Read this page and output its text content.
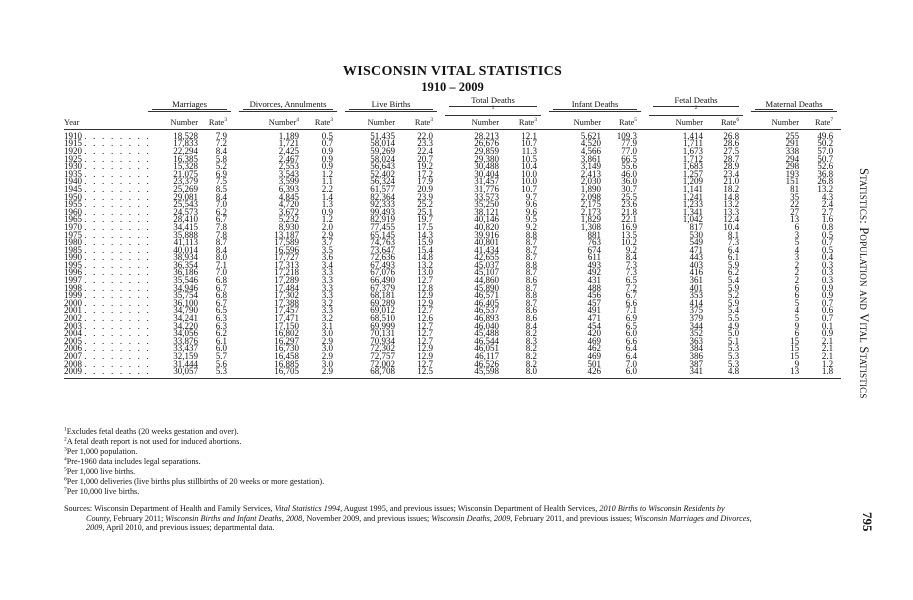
WISCONSIN VITAL STATISTICS
1910 – 2009

	Marriages		Divorces, Annulments		Live Births		Total Deaths
$^1$		Infant Deaths		Fetal Deaths
$^2$		Maternal Deaths	

Year	Number	Rate$^3$	Number$^4$	Rate$^3$	Number	Rate$^3$	Number	Rate$^3$	Number	Rate$^5$	Number	Rate$^6$	Number	Rate$^7$
1910 . . . . . . . .	18,528	7.9	1,189	0.5	51,435	22.0	28,213	12.1	5,621	109.3	1,414	26.8	255	49.6
1915 . . . . . . . .	17,833	7.2	1,721	0.7	58,014	23.3	26,676	10.7	4,520	77.9	1,711	28.6	291	50.2
1920 . . . . . . . .	22,294	8.4	2,425	0.9	59,269	22.4	29,859	11.3	4,566	77.0	1,673	27.5	338	57.0
1925 . . . . . . . .	16,385	5.8	2,467	0.9	58,024	20.7	29,380	10.5	3,861	66.5	1,712	28.7	294	50.7
1930 . . . . . . . .	15,328	5.2	2,553	0.9	56,643	19.2	30,488	10.4	3,149	55.6	1,683	28.9	298	52.6
1935 . . . . . . . .	21,075	6.9	3,543	1.2	52,402	17.2	30,404	10.0	2,413	46.0	1,257	23.4	193	36.8
1940 . . . . . . . .	23,379	7.5	3,599	1.1	56,324	17.9	31,457	10.0	2,030	36.0	1,209	21.0	151	26.8
1945 . . . . . . . .	25,269	8.5	6,393	2.2	61,577	20.9	31,776	10.7	1,890	30.7	1,141	18.2	81	13.2
1950 . . . . . . . .	29,081	8.4	4,845	1.4	82,364	23.9	33,573	9.7	2,098	25.5	1,241	14.8	35	4.3
1955 . . . . . . . .	25,543	7.0	4,720	1.3	92,333	25.2	35,250	9.6	2,175	23.6	1,233	13.2	22	2.4
1960 . . . . . . . .	24,573	6.2	3,672	0.9	99,493	25.1	38,121	9.6	2,173	21.8	1,341	13.3	27	2.7
1965 . . . . . . . .	28,410	6.7	5,232	1.2	82,919	19.7	40,146	9.5	1,829	22.1	1,042	12.4	13	1.6
1970 . . . . . . . .	34,415	7.8	8,930	2.0	77,455	17.5	40,820	9.2	1,308	16.9	817	10.4	6	0.8
1975 . . . . . . . .	35,888	7.8	13,187	2.9	65,145	14.3	39,916	8.8	881	13.5	530	8.1	3	0.5
1980 . . . . . . . .	41,113	8.7	17,589	3.7	74,763	15.9	40,801	8.7	763	10.2	549	7.3	5	0.7
1985 . . . . . . . .	40,014	8.4	16,596	3.5	73,647	15.4	41,434	8.7	674	9.2	471	6.4	4	0.5
1990 . . . . . . . .	38,934	8.0	17,727	3.6	72,636	14.8	42,655	8.7	611	8.4	443	6.1	3	0.4
1995 . . . . . . . .	36,354	7.1	17,313	3.4	67,493	13.2	45,037	8.8	493	7.3	403	5.9	2	0.3
1996 . . . . . . . .	36,186	7.0	17,218	3.3	67,076	13.0	45,107	8.7	492	7.3	416	6.2	2	0.3
1997 . . . . . . . .	35,546	6.8	17,289	3.3	66,490	12.7	44,860	8.6	431	6.5	361	5.4	2	0.3
1998 . . . . . . . .	34,946	6.7	17,484	3.3	67,379	12.8	45,890	8.7	488	7.2	401	5.9	6	0.9
1999 . . . . . . . .	35,754	6.8	17,302	3.3	68,181	12.9	46,571	8.8	456	6.7	353	5.2	6	0.9
2000 . . . . . . . .	36,100	6.7	17,388	3.2	69,289	12.9	46,405	8.7	457	6.6	414	5.9	5	0.7
2001 . . . . . . . .	34,790	6.5	17,457	3.3	69,012	12.7	46,537	8.6	491	7.1	375	5.4	4	0.6
2002 . . . . . . . .	34,241	6.3	17,471	3.2	68,510	12.6	46,893	8.6	471	6.9	379	5.5	5	0.7
2003 . . . . . . . .	34,220	6.3	17,150	3.1	69,999	12.7	46,040	8.4	454	6.5	344	4.9	9	0.1
2004 . . . . . . . .	34,056	6.2	16,802	3.0	70,131	12.7	45,488	8.2	420	6.0	352	5.0	6	0.9
2005 . . . . . . . .	33,876	6.1	16,297	2.9	70,934	12.7	46,544	8.3	469	6.6	363	5.1	15	2.1
2006 . . . . . . . .	33,437	6.0	16,730	3.0	72,302	12.9	46,051	8.2	462	6.4	384	5.3	15	2.1
2007 . . . . . . . .	32,159	5.7	16,458	2.9	72,757	12.9	46,117	8.2	469	6.4	386	5.3	15	2.1
2008 . . . . . . . .	31,444	5.6	16,885	3.0	72,002	12.7	46,526	8.2	501	7.0	387	5.3	9	1.2
2009 . . . . . . . .	30,057	5.3	16,705	2.9	68,708	12.5	45,598	8.0	426	6.0	341	4.8	13	1.8
$^1$Excludes fetal deaths (20 weeks gestation and over).
$^2$A fetal death report is not used for induced abortions.
$^3$Per 1,000 population.
$^4$Pre-1960 data includes legal separations.
$^5$Per 1,000 live births.
$^6$Per 1,000 deliveries (live births plus stillbirths of 20 weeks or more gestation).
$^7$Per 10,000 live births.
Sources: Wisconsin Department of Health and Family Services, Vital Statistics 1994, August 1995, and previous issues; Wisconsin Department of Health Services, 2010 Births to Wisconsin Residents by
County, February 2011; Wisconsin Births and Infant Deaths, 2008, November 2009, and previous issues; Wisconsin Deaths, 2009, February 2011, and previous issues; Wisconsin Marriages and Divorces,
2009, April 2010, and previous issues; departmental data.
Statistics: Population and Vital Statistics
795
